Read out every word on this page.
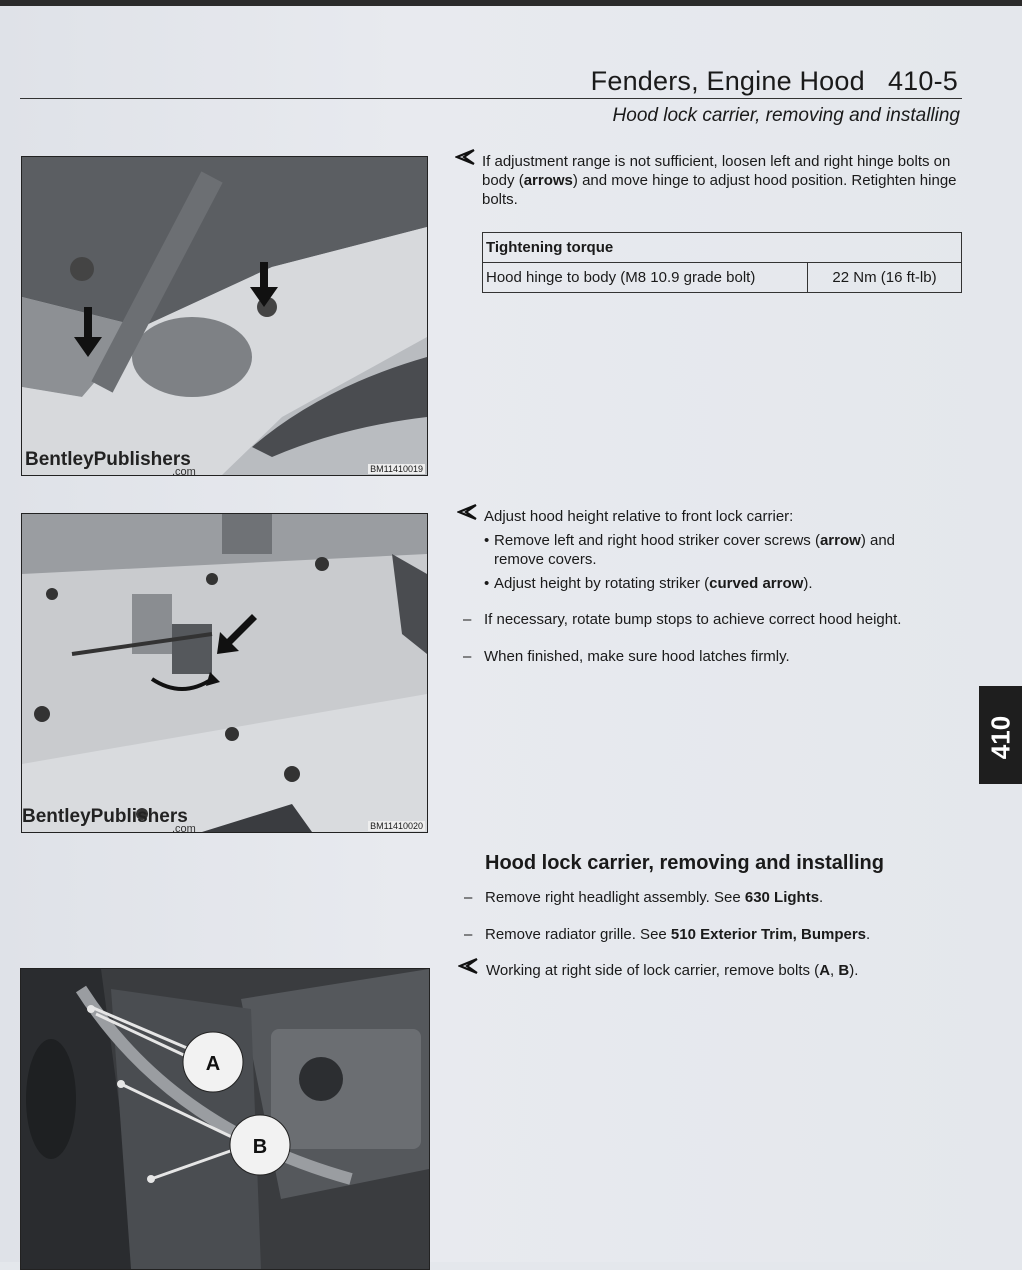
Fenders, Engine Hood 410-5
Hood lock carrier, removing and installing
BentleyPublishers
.com	BM11410019
If adjustment range is not sufficient, loosen left and right hinge bolts on body (arrows) and move hinge to adjust hood position. Retighten hinge bolts.
Tightening torque
Hood hinge to body (M8 10.9 grade bolt)	22 Nm (16 ft-lb)
BentleyPublishers
.com	BM11410020
Adjust hood height relative to front lock carrier:
• Remove left and right hood striker cover screws (arrow) and remove covers.
• Adjust height by rotating striker (curved arrow).
– If necessary, rotate bump stops to achieve correct hood height.
– When finished, make sure hood latches firmly.
Hood lock carrier, removing and installing
– Remove right headlight assembly. See 630 Lights.
– Remove radiator grille. See 510 Exterior Trim, Bumpers.
Working at right side of lock carrier, remove bolts (A, B).
A
B
410
